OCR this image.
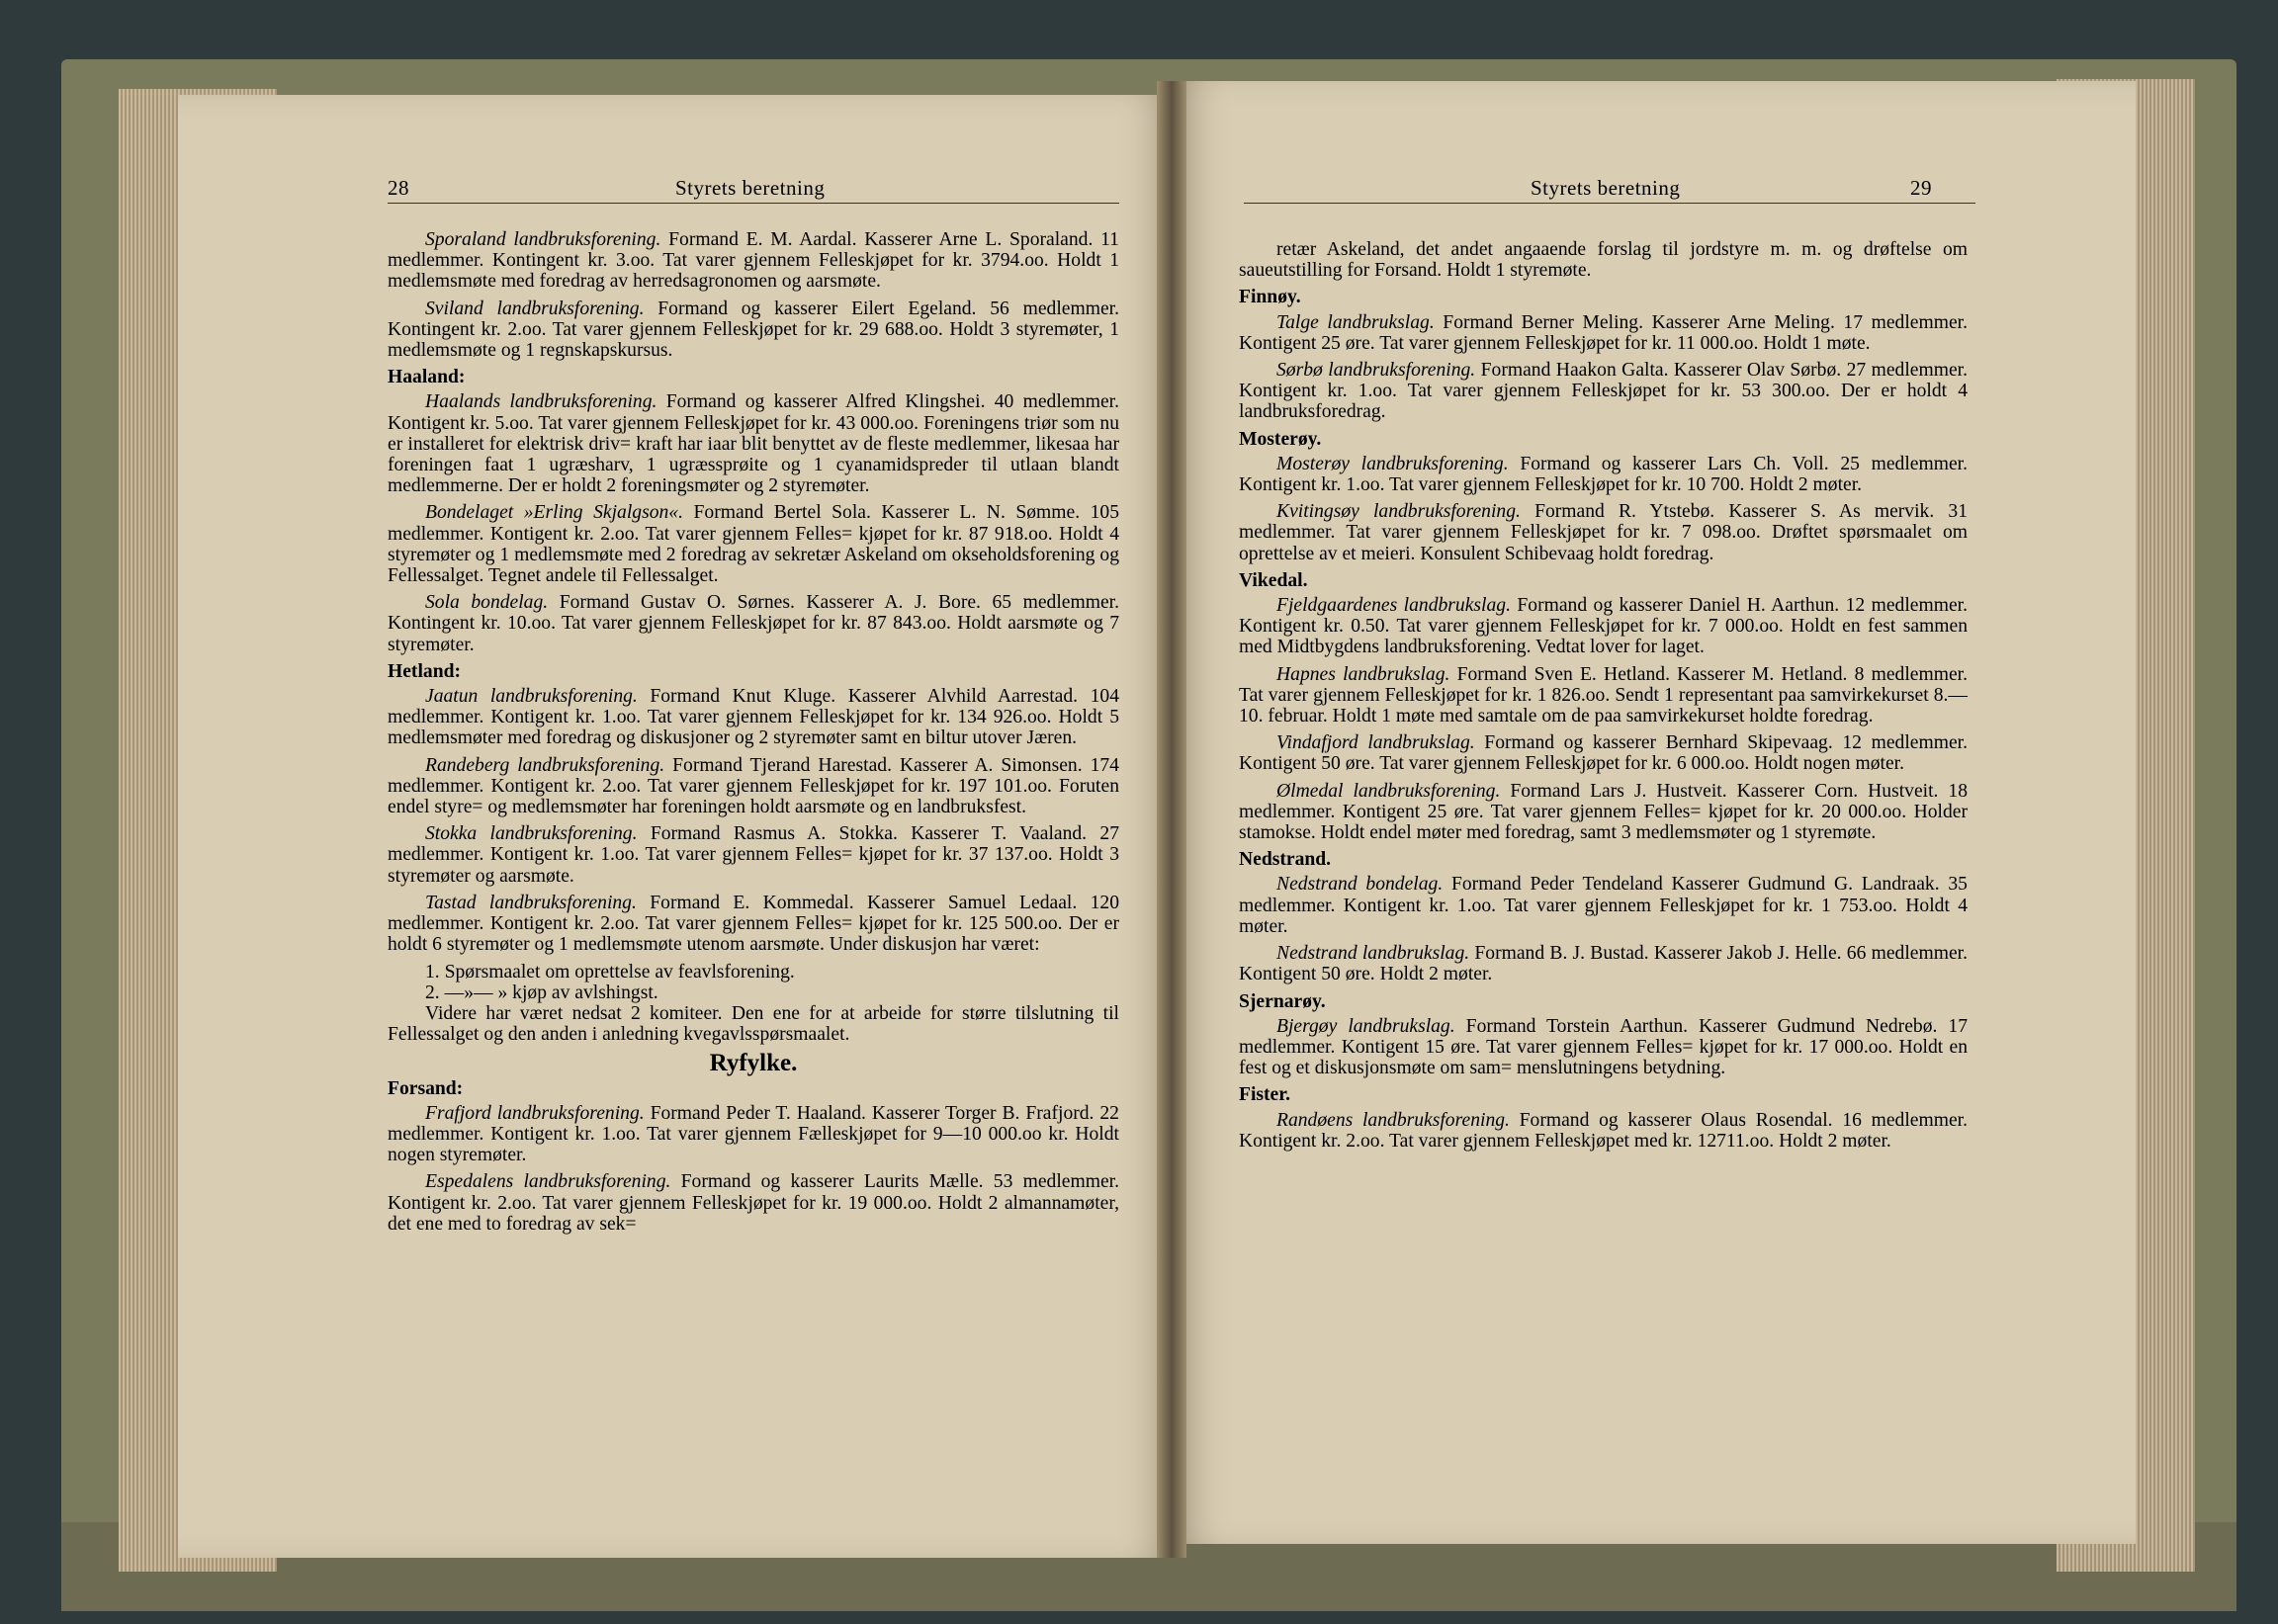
28	Styrets beretning	Styrets beretning	29

Sporaland landbruksforening. Formand E. M. Aardal. Kasserer Arne L. Sporaland. 11 medlemmer. Kontingent kr. 3.oo. Tat varer gjennem Felleskjøpet for kr. 3794.oo. Holdt 1 medlemsmøte med foredrag av herredsagronomen og aarsmøte.

Sviland landbruksforening. Formand og kasserer Eilert Egeland. 56 medlemmer. Kontingent kr. 2.oo. Tat varer gjennem Felleskjøpet for kr. 29 688.oo. Holdt 3 styremøter, 1 medlemsmøte og 1 regnskapskursus.

Haaland:

Haalands landbruksforening. Formand og kasserer Alfred Klingshei. 40 medlemmer. Kontigent kr. 5.oo. Tat varer gjennem Felleskjøpet for kr. 43 000.oo. Foreningens triør som nu er installeret for elektrisk driv= kraft har iaar blit benyttet av de fleste medlemmer, likesaa har foreningen faat 1 ugræsharv, 1 ugræssprøite og 1 cyanamidspreder til utlaan blandt medlemmerne. Der er holdt 2 foreningsmøter og 2 styremøter.

Bondelaget »Erling Skjalgson«. Formand Bertel Sola. Kasserer L. N. Sømme. 105 medlemmer. Kontigent kr. 2.oo. Tat varer gjennem Felles= kjøpet for kr. 87 918.oo. Holdt 4 styremøter og 1 medlemsmøte med 2 foredrag av sekretær Askeland om okseholdsforening og Fellessalget. Tegnet andele til Fellessalget.

Sola bondelag. Formand Gustav O. Sørnes. Kasserer A. J. Bore. 65 medlemmer. Kontingent kr. 10.oo. Tat varer gjennem Felleskjøpet for kr. 87 843.oo. Holdt aarsmøte og 7 styremøter.

Hetland:

Jaatun landbruksforening. Formand Knut Kluge. Kasserer Alvhild Aarrestad. 104 medlemmer. Kontigent kr. 1.oo. Tat varer gjennem Felleskjøpet for kr. 134 926.oo. Holdt 5 medlemsmøter med foredrag og diskusjoner og 2 styremøter samt en biltur utover Jæren.

Randeberg landbruksforening. Formand Tjerand Harestad. Kasserer A. Simonsen. 174 medlemmer. Kontigent kr. 2.oo. Tat varer gjennem Felleskjøpet for kr. 197 101.oo. Foruten endel styre= og medlemsmøter har foreningen holdt aarsmøte og en landbruksfest.

Stokka landbruksforening. Formand Rasmus A. Stokka. Kasserer T. Vaaland. 27 medlemmer. Kontigent kr. 1.oo. Tat varer gjennem Felles= kjøpet for kr. 37 137.oo. Holdt 3 styremøter og aarsmøte.

Tastad landbruksforening. Formand E. Kommedal. Kasserer Samuel Ledaal. 120 medlemmer. Kontigent kr. 2.oo. Tat varer gjennem Felles= kjøpet for kr. 125 500.oo. Der er holdt 6 styremøter og 1 medlemsmøte utenom aarsmøte. Under diskusjon har været:

1. Spørsmaalet om oprettelse av feavlsforening.

2. —»— » kjøp av avlshingst.

Videre har været nedsat 2 komiteer. Den ene for at arbeide for større tilslutning til Fellessalget og den anden i anledning kvegavlsspørsmaalet.

Ryfylke.
Forsand:

Frafjord landbruksforening. Formand Peder T. Haaland. Kasserer Torger B. Frafjord. 22 medlemmer. Kontigent kr. 1.oo. Tat varer gjennem Fælleskjøpet for 9—10 000.oo kr. Holdt nogen styremøter.

Espedalens landbruksforening. Formand og kasserer Laurits Mælle. 53 medlemmer. Kontigent kr. 2.oo. Tat varer gjennem Felleskjøpet for kr. 19 000.oo. Holdt 2 almannamøter, det ene med to foredrag av sek=

retær Askeland, det andet angaaende forslag til jordstyre m. m. og drøftelse om saueutstilling for Forsand. Holdt 1 styremøte.

Finnøy.

Talge landbrukslag. Formand Berner Meling. Kasserer Arne Meling. 17 medlemmer. Kontigent 25 øre. Tat varer gjennem Felleskjøpet for kr. 11 000.oo. Holdt 1 møte.

Sørbø landbruksforening. Formand Haakon Galta. Kasserer Olav Sørbø. 27 medlemmer. Kontigent kr. 1.oo. Tat varer gjennem Felleskjøpet for kr. 53 300.oo. Der er holdt 4 landbruksforedrag.

Mosterøy.

Mosterøy landbruksforening. Formand og kasserer Lars Ch. Voll. 25 medlemmer. Kontigent kr. 1.oo. Tat varer gjennem Felleskjøpet for kr. 10 700. Holdt 2 møter.

Kvitingsøy landbruksforening. Formand R. Ytstebø. Kasserer S. As mervik. 31 medlemmer. Tat varer gjennem Felleskjøpet for kr. 7 098.oo. Drøftet spørsmaalet om oprettelse av et meieri. Konsulent Schibevaag holdt foredrag.

Vikedal.

Fjeldgaardenes landbrukslag. Formand og kasserer Daniel H. Aarthun. 12 medlemmer. Kontigent kr. 0.50. Tat varer gjennem Felleskjøpet for kr. 7 000.oo. Holdt en fest sammen med Midtbygdens landbruksforening. Vedtat lover for laget.

Hapnes landbrukslag. Formand Sven E. Hetland. Kasserer M. Hetland. 8 medlemmer. Tat varer gjennem Felleskjøpet for kr. 1 826.oo. Sendt 1 representant paa samvirkekurset 8.—10. februar. Holdt 1 møte med samtale om de paa samvirkekurset holdte foredrag.

Vindafjord landbrukslag. Formand og kasserer Bernhard Skipevaag. 12 medlemmer. Kontigent 50 øre. Tat varer gjennem Felleskjøpet for kr. 6 000.oo. Holdt nogen møter.

Ølmedal landbruksforening. Formand Lars J. Hustveit. Kasserer Corn. Hustveit. 18 medlemmer. Kontigent 25 øre. Tat varer gjennem Felles= kjøpet for kr. 20 000.oo. Holder stamokse. Holdt endel møter med foredrag, samt 3 medlemsmøter og 1 styremøte.

Nedstrand.

Nedstrand bondelag. Formand Peder Tendeland Kasserer Gudmund G. Landraak. 35 medlemmer. Kontigent kr. 1.oo. Tat varer gjennem Felleskjøpet for kr. 1 753.oo. Holdt 4 møter.

Nedstrand landbrukslag. Formand B. J. Bustad. Kasserer Jakob J. Helle. 66 medlemmer. Kontigent 50 øre. Holdt 2 møter.

Sjernarøy.

Bjergøy landbrukslag. Formand Torstein Aarthun. Kasserer Gudmund Nedrebø. 17 medlemmer. Kontigent 15 øre. Tat varer gjennem Felles= kjøpet for kr. 17 000.oo. Holdt en fest og et diskusjonsmøte om sam= menslutningens betydning.

Fister.

Randøens landbruksforening. Formand og kasserer Olaus Rosendal. 16 medlemmer. Kontigent kr. 2.oo. Tat varer gjennem Felleskjøpet med kr. 12711.oo. Holdt 2 møter.
